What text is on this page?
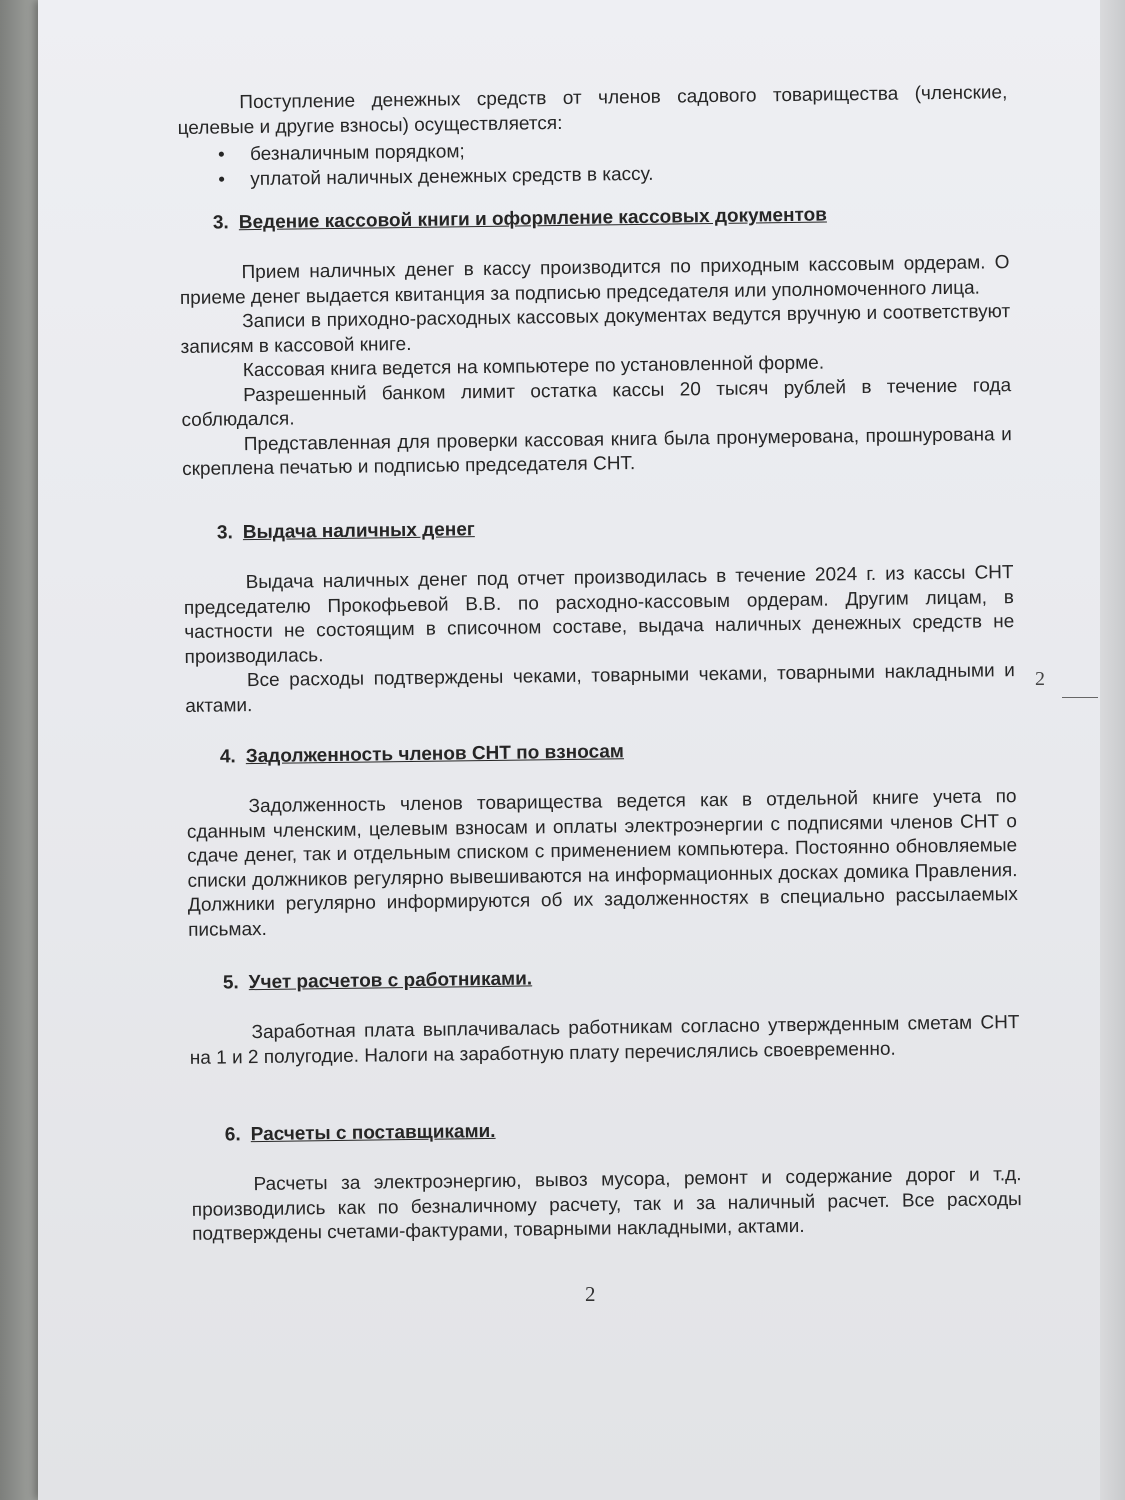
Поступление денежных средств от членов садового товарищества (членские, целевые и другие взносы) осуществляется:

• безналичным порядком;
• уплатой наличных денежных средств в кассу.

3. Ведение кассовой книги и оформление кассовых документов

Прием наличных денег в кассу производится по приходным кассовым ордерам. О приеме денег выдается квитанция за подписью председателя или уполномоченного лица.

Записи в приходно-расходных кассовых документах ведутся вручную и соответствуют записям в кассовой книге.

Кассовая книга ведется на компьютере по установленной форме.

Разрешенный банком лимит остатка кассы 20 тысяч рублей в течение года соблюдался.

Представленная для проверки кассовая книга была пронумерована, прошнурована и скреплена печатью и подписью председателя СНТ.

3. Выдача наличных денег

Выдача наличных денег под отчет производилась в течение 2024 г. из кассы СНТ председателю Прокофьевой В.В. по расходно-кассовым ордерам. Другим лицам, в частности не состоящим в списочном составе, выдача наличных денежных средств не производилась.

Все расходы подтверждены чеками, товарными чеками, товарными накладными и актами.

4. Задолженность членов СНТ по взносам

Задолженность членов товарищества ведется как в отдельной книге учета по сданным членским, целевым взносам и оплаты электроэнергии с подписями членов СНТ о сдаче денег, так и отдельным списком с применением компьютера. Постоянно обновляемые списки должников регулярно вывешиваются на информационных досках домика Правления. Должники регулярно информируются об их задолженностях в специально рассылаемых письмах.

5. Учет расчетов с работниками.

Заработная плата выплачивалась работникам согласно утвержденным сметам СНТ на 1 и 2 полугодие. Налоги на заработную плату перечислялись своевременно.

6. Расчеты с поставщиками.

Расчеты за электроэнергию, вывоз мусора, ремонт и содержание дорог и т.д. производились как по безналичному расчету, так и за наличный расчет. Все расходы подтверждены счетами-фактурами, товарными накладными, актами.

2
2
